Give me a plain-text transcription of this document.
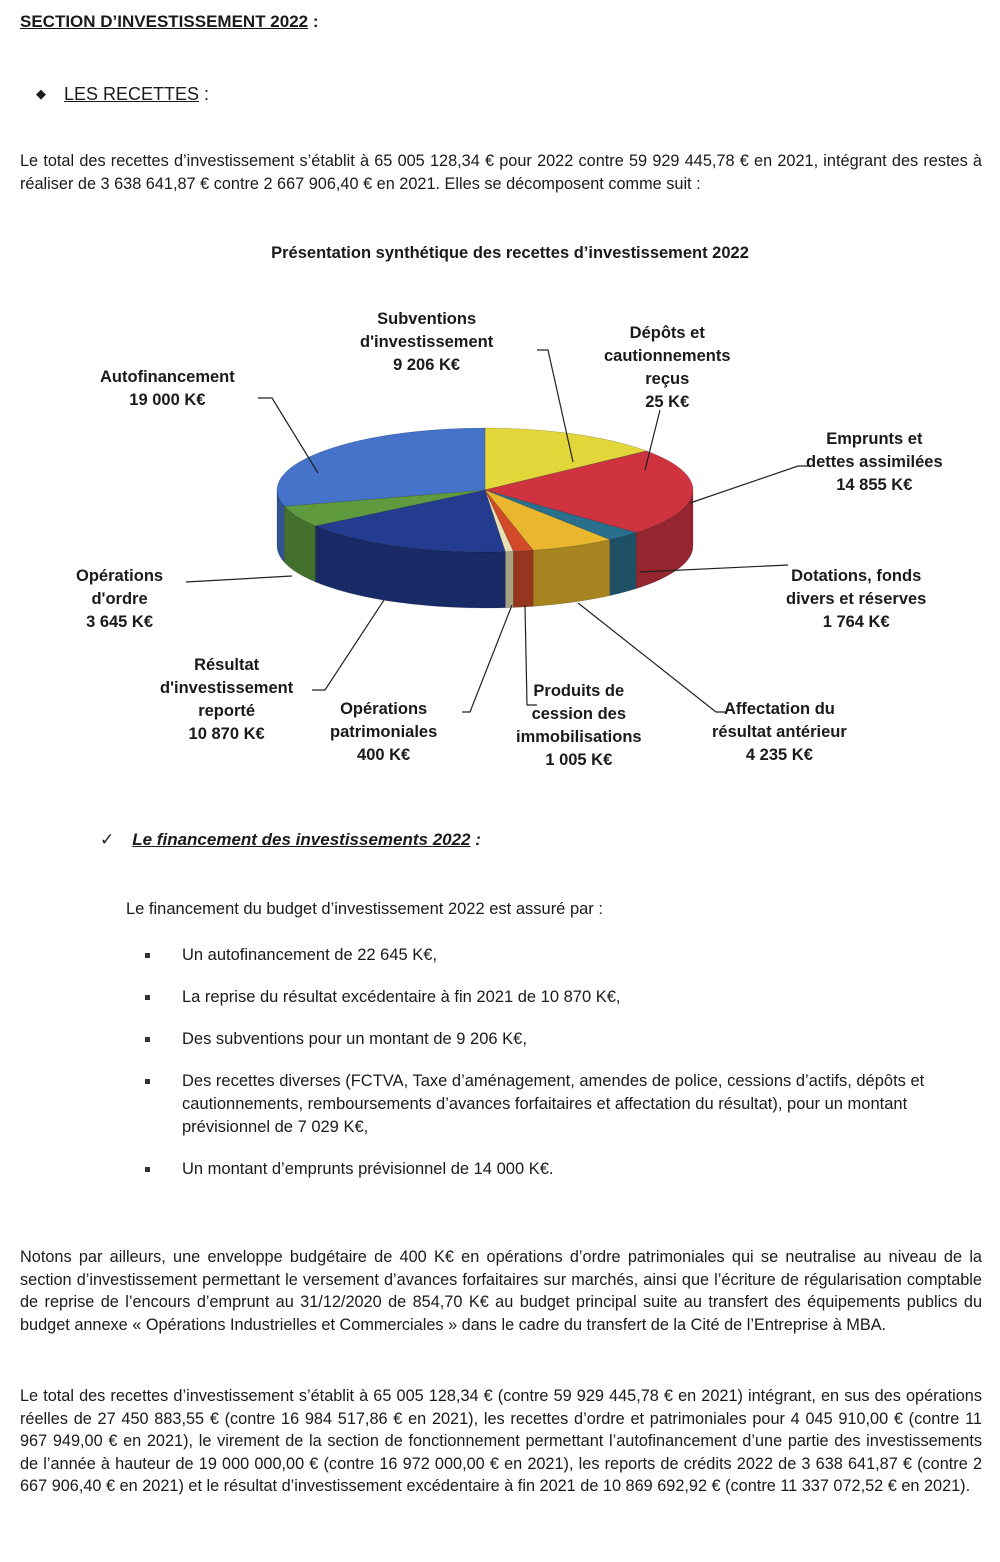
SECTION D’INVESTISSEMENT 2022 :
◆ LES RECETTES :
Le total des recettes d’investissement s’établit à 65 005 128,34 € pour 2022 contre 59 929 445,78 € en 2021, intégrant des restes à réaliser de 3 638 641,87 € contre 2 667 906,40 € en 2021. Elles se décomposent comme suit :
Présentation synthétique des recettes d’investissement 2022
Subventions
d'investissement
9 206 K€
Dépôts et
cautionnements
reçus
25 K€
Emprunts et
dettes assimilées
14 855 K€
Dotations, fonds
divers et réserves
1 764 K€
Affectation du
résultat antérieur
4 235 K€
Produits de
cession des
immobilisations
1 005 K€
Opérations
patrimoniales
400 K€
Résultat
d'investissement
reporté
10 870 K€
Opérations
d'ordre
3 645 K€
Autofinancement
19 000 K€
✓ Le financement des investissements 2022 :
Le financement du budget d’investissement 2022 est assuré par :
Un autofinancement de 22 645 K€,
La reprise du résultat excédentaire à fin 2021 de 10 870 K€,
Des subventions pour un montant de 9 206 K€,
Des recettes diverses (FCTVA, Taxe d’aménagement, amendes de police, cessions d’actifs, dépôts et cautionnements, remboursements d’avances forfaitaires et affectation du résultat), pour un montant prévisionnel de 7 029 K€,
Un montant d’emprunts prévisionnel de 14 000 K€.
Notons par ailleurs, une enveloppe budgétaire de 400 K€ en opérations d’ordre patrimoniales qui se neutralise au niveau de la section d’investissement permettant le versement d’avances forfaitaires sur marchés, ainsi que l’écriture de régularisation comptable de reprise de l’encours d’emprunt au 31/12/2020 de 854,70 K€ au budget principal suite au transfert des équipements publics du budget annexe « Opérations Industrielles et Commerciales » dans le cadre du transfert de la Cité de l’Entreprise à MBA.
Le total des recettes d’investissement s’établit à 65 005 128,34 € (contre 59 929 445,78 € en 2021) intégrant, en sus des opérations réelles de 27 450 883,55 € (contre 16 984 517,86 € en 2021), les recettes d’ordre et patrimoniales pour 4 045 910,00 € (contre 11 967 949,00 € en 2021), le virement de la section de fonctionnement permettant l’autofinancement d’une partie des investissements de l’année à hauteur de 19 000 000,00 € (contre 16 972 000,00 € en 2021), les reports de crédits 2022 de 3 638 641,87 € (contre 2 667 906,40 € en 2021) et le résultat d’investissement excédentaire à fin 2021 de 10 869 692,92 € (contre 11 337 072,52 € en 2021).
